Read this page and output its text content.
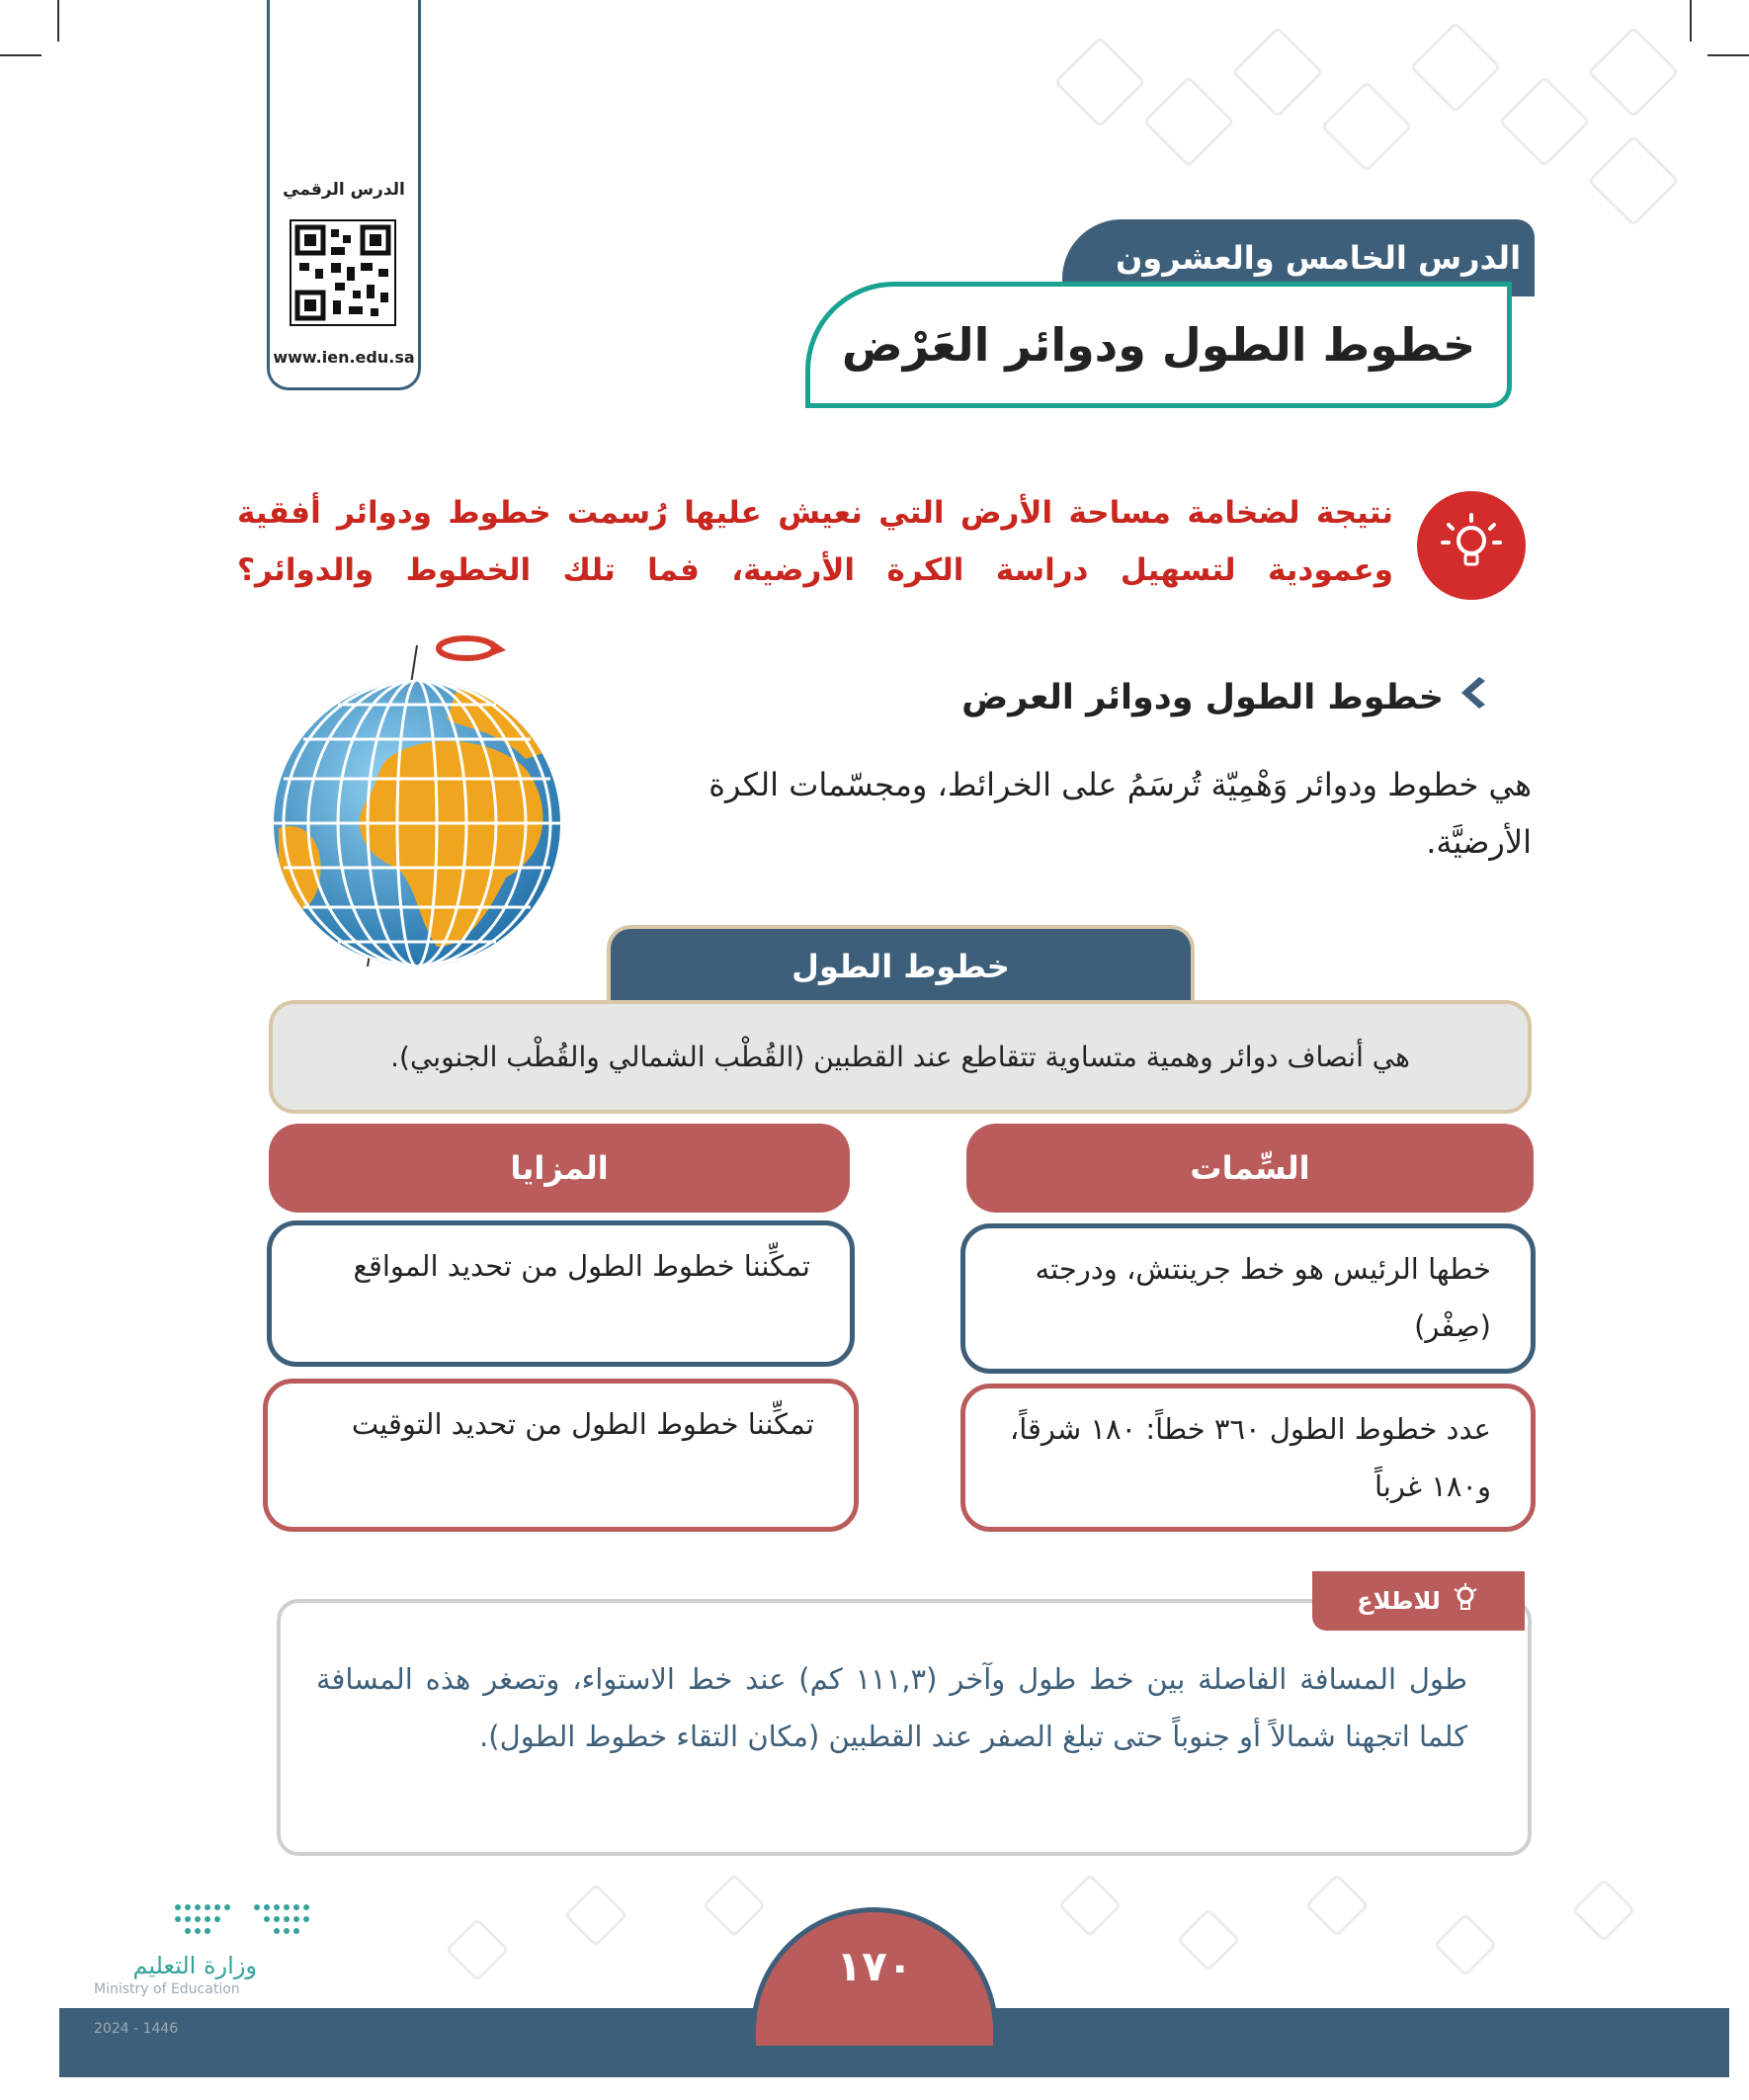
الدرس الرقمي
www.ien.edu.sa
الدرس الخامس والعشرون
خطوط الطول ودوائر العَرْض
نتيجة لضخامة مساحة الأرض التي نعيش عليها رُسمت خطوط ودوائر أفقية وعمودية لتسهيل دراسة الكرة الأرضية، فما تلك الخطوط والدوائر؟
خطوط الطول ودوائر العرض
هي خطوط ودوائر وَهْمِيّة تُرسَمُ على الخرائط، ومجسّمات الكرة الأرضيَّة.
خطوط الطول
هي أنصاف دوائر وهمية متساوية تتقاطع عند القطبين (القُطْب الشمالي والقُطْب الجنوبي).
السِّمات
المزايا
خطها الرئيس هو خط جرينتش، ودرجته (صِفْر)
عدد خطوط الطول ٣٦٠ خطاً: ١٨٠ شرقاً، و١٨٠ غرباً
تمكِّننا خطوط الطول من تحديد المواقع
تمكِّننا خطوط الطول من تحديد التوقيت
للاطلاع
طول المسافة الفاصلة بين خط طول وآخر (١١١,٣ كم) عند خط الاستواء، وتصغر هذه المسافة كلما اتجهنا شمالاً أو جنوباً حتى تبلغ الصفر عند القطبين (مكان التقاء خطوط الطول).
١٧٠
وزارة التعليم
Ministry of Education
2024 - 1446
